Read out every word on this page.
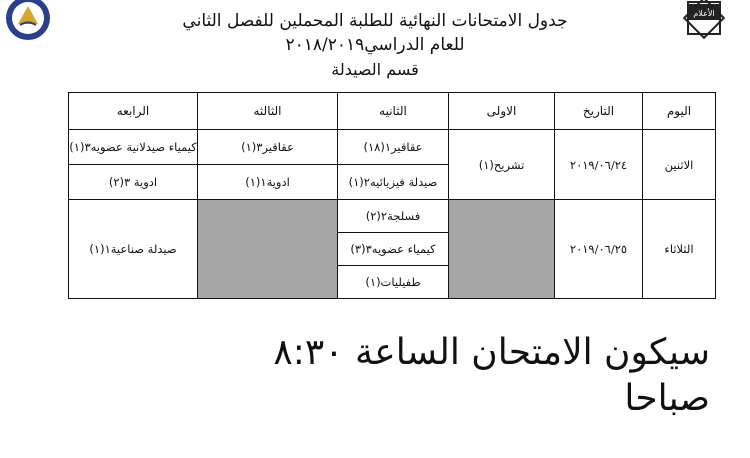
الأعلام
جدول الامتحانات النهائية للطلبة المحملين للفصل الثاني
للعام الدراسي٢٠١٨/٢٠١٩
قسم الصيدلة
اليوم	التاريخ	الاولى	الثانيه	الثالثه	الرابعه
الاثنين	٢٠١٩/٠٦/٢٤	تشريح(١)	عقاقير١(١٨)	عقاقير٣(١)	كيمياء صيدلانية عضويه٣(١)
			صيدلة فيزيائيه٢(١)	ادوية١(١)	ادوية ٣(٢)
الثلاثاء	٢٠١٩/٠٦/٢٥		فسلجة٢(٢)		صيدلة صناعية١(١)
			كيمياء عضويه٣(٣)		
			طفيليات(١)		
سيكون الامتحان الساعة ٨:٣٠ صباحا
